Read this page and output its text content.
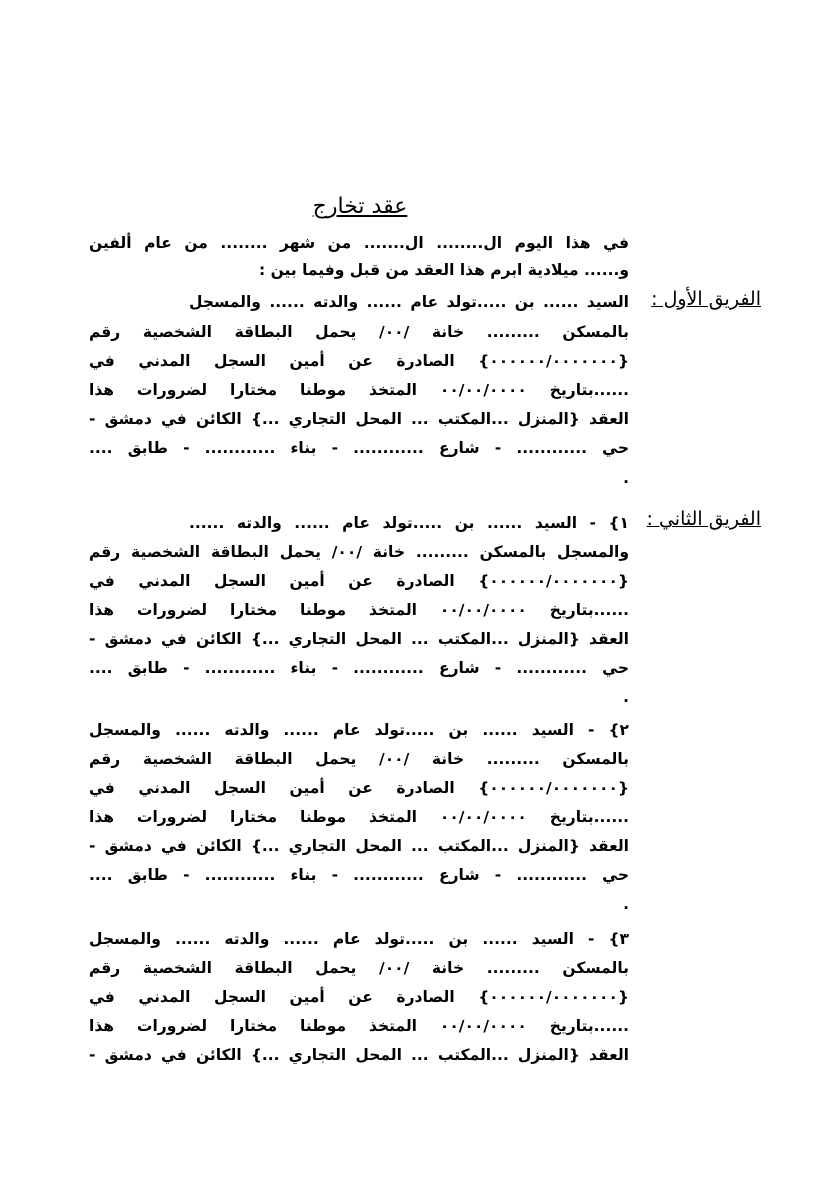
عقد تخارج
في هذا اليوم ال........ ال....... من شهر ........ من عام ألفين
و...... ميلادية ابرم هذا العقد من قبل وفيما بين :
الفريق الأول :
السيد ...... بن .....تولد عام ...... والدته ...... والمسجل
بالمسكن ......... خانة /٠٠/ يحمل البطاقة الشخصية رقم
{٠٠٠٠٠٠/٠٠٠٠٠٠٠} الصادرة عن أمين السجل المدني في
......بتاريخ ٠٠/٠٠/٠٠٠٠ المتخذ موطنا مختارا لضرورات هذا
العقد {المنزل ...المكتب ... المحل التجاري ...} الكائن في دمشق -
حي ............ - شارع ............ - بناء ............ - طابق ....
.
الفريق الثاني :
١} - السيد ...... بن .....تولد عام ...... والدته ......
والمسجل بالمسكن ......... خانة /٠٠/ يحمل البطاقة الشخصية رقم
{٠٠٠٠٠٠/٠٠٠٠٠٠٠} الصادرة عن أمين السجل المدني في
......بتاريخ ٠٠/٠٠/٠٠٠٠ المتخذ موطنا مختارا لضرورات هذا
العقد {المنزل ...المكتب ... المحل التجاري ...} الكائن في دمشق -
حي ............ - شارع ............ - بناء ............ - طابق ....
.
٢} - السيد ...... بن .....تولد عام ...... والدته ...... والمسجل
بالمسكن ......... خانة /٠٠/ يحمل البطاقة الشخصية رقم
{٠٠٠٠٠٠/٠٠٠٠٠٠٠} الصادرة عن أمين السجل المدني في
......بتاريخ ٠٠/٠٠/٠٠٠٠ المتخذ موطنا مختارا لضرورات هذا
العقد {المنزل ...المكتب ... المحل التجاري ...} الكائن في دمشق -
حي ............ - شارع ............ - بناء ............ - طابق ....
.
٣} - السيد ...... بن .....تولد عام ...... والدته ...... والمسجل
بالمسكن ......... خانة /٠٠/ يحمل البطاقة الشخصية رقم
{٠٠٠٠٠٠/٠٠٠٠٠٠٠} الصادرة عن أمين السجل المدني في
......بتاريخ ٠٠/٠٠/٠٠٠٠ المتخذ موطنا مختارا لضرورات هذا
العقد {المنزل ...المكتب ... المحل التجاري ...} الكائن في دمشق -
